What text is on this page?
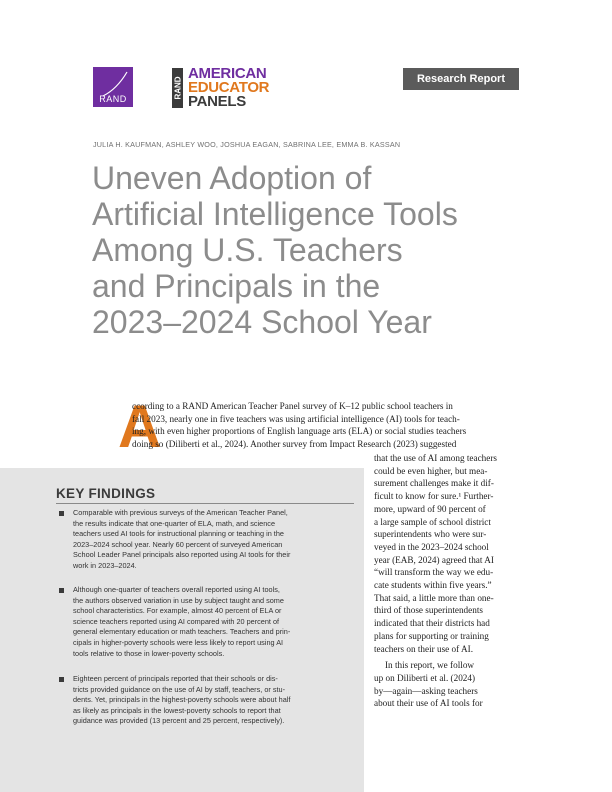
RAND	RAND
AMERICAN
EDUCATOR
PANELS
Research Report
JULIA H. KAUFMAN, ASHLEY WOO, JOSHUA EAGAN, SABRINA LEE, EMMA B. KASSAN
Uneven Adoption of
Artificial Intelligence Tools
Among U.S. Teachers
and Principals in the
2023–2024 School Year
A
ccording to a RAND American Teacher Panel survey of K–12 public school teachers in
fall 2023, nearly one in five teachers was using artificial intelligence (AI) tools for teach-
ing, with even higher proportions of English language arts (ELA) or social studies teachers
doing so (Diliberti et al., 2024). Another survey from Impact Research (2023) suggested
that the use of AI among teachers
could be even higher, but mea-
surement challenges make it dif-
ficult to know for sure.¹ Further-
more, upward of 90 percent of
a large sample of school district
superintendents who were sur-
veyed in the 2023–2024 school
year (EAB, 2024) agreed that AI
“will transform the way we edu-
cate students within five years.”
That said, a little more than one-
third of those superintendents
indicated that their districts had
plans for supporting or training
teachers on their use of AI.
In this report, we follow
up on Diliberti et al. (2024)
by—again—asking teachers
about their use of AI tools for
KEY FINDINGS
Comparable with previous surveys of the American Teacher Panel,
the results indicate that one-quarter of ELA, math, and science
teachers used AI tools for instructional planning or teaching in the
2023–2024 school year. Nearly 60 percent of surveyed American
School Leader Panel principals also reported using AI tools for their
work in 2023–2024.
Although one-quarter of teachers overall reported using AI tools,
the authors observed variation in use by subject taught and some
school characteristics. For example, almost 40 percent of ELA or
science teachers reported using AI compared with 20 percent of
general elementary education or math teachers. Teachers and prin-
cipals in higher-poverty schools were less likely to report using AI
tools relative to those in lower-poverty schools.
Eighteen percent of principals reported that their schools or dis-
tricts provided guidance on the use of AI by staff, teachers, or stu-
dents. Yet, principals in the highest-poverty schools were about half
as likely as principals in the lowest-poverty schools to report that
guidance was provided (13 percent and 25 percent, respectively).
